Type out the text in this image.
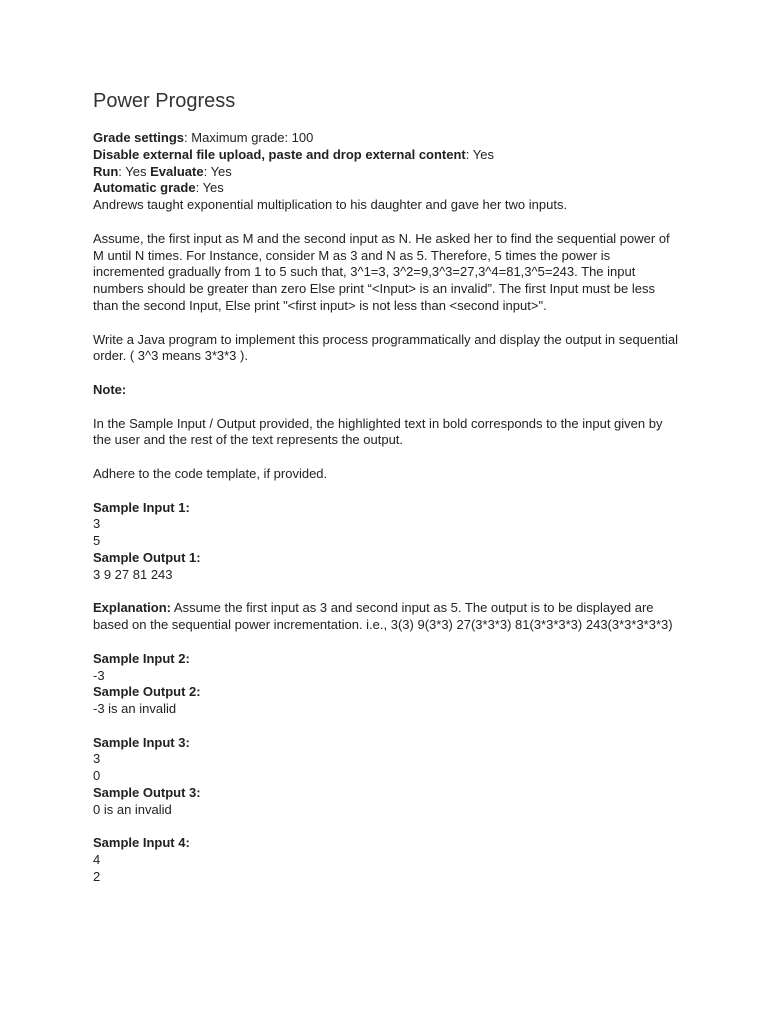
Power Progress
Grade settings: Maximum grade: 100
Disable external file upload, paste and drop external content: Yes
Run: Yes Evaluate: Yes
Automatic grade: Yes

Andrews taught exponential multiplication to his daughter and gave her two inputs.

Assume, the first input as M and the second input as N. He asked her to find the sequential power of M until N times. For Instance, consider M as 3 and N as 5. Therefore, 5 times the power is incremented gradually from 1 to 5 such that, 3^1=3, 3^2=9,3^3=27,3^4=81,3^5=243. The input numbers should be greater than zero Else print “<Input> is an invalid”. The first Input must be less than the second Input, Else print "<first input> is not less than <second input>".

Write a Java program to implement this process programmatically and display the output in sequential order. ( 3^3 means 3*3*3 ).

Note:

In the Sample Input / Output provided, the highlighted text in bold corresponds to the input given by the user and the rest of the text represents the output.

Adhere to the code template, if provided.

Sample Input 1:
3
5
Sample Output 1:
3 9 27 81 243

Explanation: Assume the first input as 3 and second input as 5. The output is to be displayed are based on the sequential power incrementation. i.e., 3(3) 9(3*3) 27(3*3*3) 81(3*3*3*3) 243(3*3*3*3*3)

Sample Input 2:
-3
Sample Output 2:
-3 is an invalid
Sample Input 3:
3
0
Sample Output 3:
0 is an invalid
Sample Input 4:
4
2
